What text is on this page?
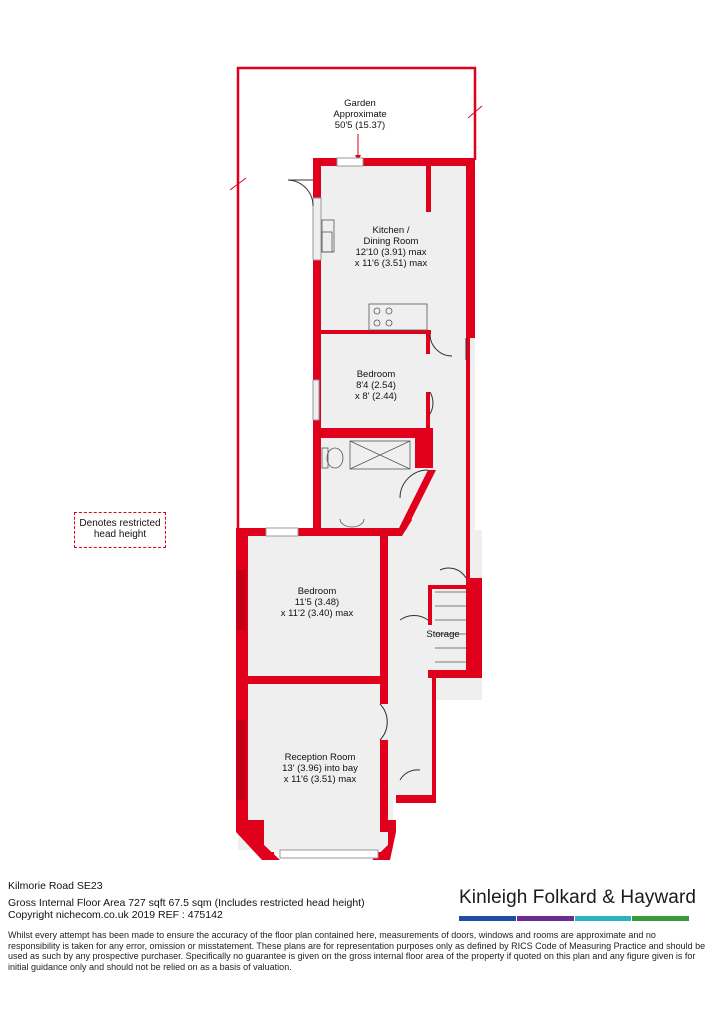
Garden
Approximate
50'5 (15.37)
Kitchen /
Dining Room
12'10 (3.91) max
x 11'6 (3.51) max
Bedroom
8'4 (2.54)
x 8' (2.44)
Bedroom
11'5 (3.48)
x 11'2 (3.40) max
Reception Room
13' (3.96) into bay
x 11'6 (3.51) max
Storage
Denotes restricted
head height
Kilmorie Road SE23
Gross Internal Floor Area 727 sqft 67.5 sqm (Includes restricted head height)
Copyright nichecom.co.uk 2019 REF : 475142
Kinleigh Folkard & Hayward
Whilst every attempt has been made to ensure the accuracy of the floor plan contained here, measurements of doors, windows and rooms are approximate and no responsibility is taken for any error, omission or misstatement. These plans are for representation purposes only as defined by RICS Code of Measuring Practice and should be used as such by any prospective purchaser. Specifically no guarantee is given on the gross internal floor area of the property if quoted on this plan and any figure given is for initial guidance only and should not be relied on as a basis of valuation.
